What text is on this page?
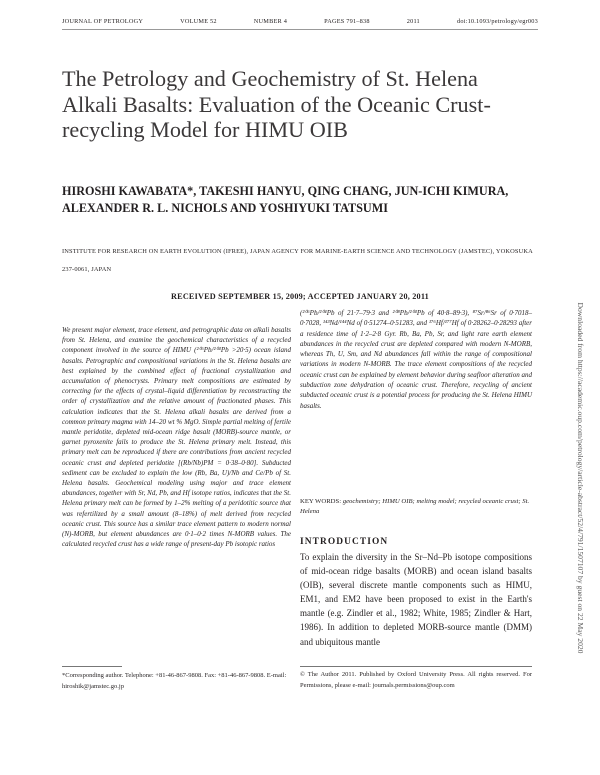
JOURNAL OF PETROLOGY	VOLUME 52	NUMBER 4	PAGES 791–838	2011	doi:10.1093/petrology/egr003
The Petrology and Geochemistry of St. Helena Alkali Basalts: Evaluation of the Oceanic Crust-recycling Model for HIMU OIB
HIROSHI KAWABATA*, TAKESHI HANYU, QING CHANG, JUN-ICHI KIMURA, ALEXANDER R. L. NICHOLS AND YOSHIYUKI TATSUMI
INSTITUTE FOR RESEARCH ON EARTH EVOLUTION (IFREE), JAPAN AGENCY FOR MARINE-EARTH SCIENCE AND TECHNOLOGY (JAMSTEC), YOKOSUKA 237-0061, JAPAN
RECEIVED SEPTEMBER 15, 2009; ACCEPTED JANUARY 20, 2011

We present major element, trace element, and petrographic data on alkali basalts from St. Helena, and examine the geochemical characteristics of a recycled component involved in the source of HIMU (²⁰⁶Pb/²⁰⁴Pb >20·5) ocean island basalts. Petrographic and compositional variations in the St. Helena basalts are best explained by the combined effect of fractional crystallization and accumulation of phenocrysts. Primary melt compositions are estimated by correcting for the effects of crystal–liquid differentiation by reconstructing the order of crystallization and the relative amount of fractionated phases. This calculation indicates that the St. Helena alkali basalts are derived from a common primary magma with 14–20 wt % MgO. Simple partial melting of fertile mantle peridotite, depleted mid-ocean ridge basalt (MORB)-source mantle, or garnet pyroxenite fails to produce the St. Helena primary melt. Instead, this primary melt can be reproduced if there are contributions from ancient recycled oceanic crust and depleted peridotite [(Rb/Nb)PM = 0·38–0·80]. Subducted sediment can be excluded to explain the low (Rb, Ba, U)/Nb and Ce/Pb of St. Helena basalts. Geochemical modeling using major and trace element abundances, together with Sr, Nd, Pb, and Hf isotope ratios, indicates that the St. Helena primary melt can be formed by 1–2% melting of a peridotitic source that was refertilized by a small amount (8–18%) of melt derived from recycled oceanic crust. This source has a similar trace element pattern to modern normal (N)-MORB, but element abundances are 0·1–0·2 times N-MORB values. The calculated recycled crust has a wide range of present-day Pb isotopic ratios

(²⁰⁶Pb/²⁰⁴Pb of 21·7–79·3 and ²⁰⁸Pb/²⁰⁴Pb of 40·8–89·3), ⁸⁷Sr/⁸⁶Sr of 0·7018–0·7028, ¹⁴³Nd/¹⁴⁴Nd of 0·51274–0·51283, and ¹⁷⁶Hf/¹⁷⁷Hf of 0·28262–0·28293 after a residence time of 1·2–2·8 Gyr. Rb, Ba, Pb, Sr, and light rare earth element abundances in the recycled crust are depleted compared with modern N-MORB, whereas Th, U, Sm, and Nd abundances fall within the range of compositional variations in modern N-MORB. The trace element compositions of the recycled oceanic crust can be explained by element behavior during seafloor alteration and subduction zone dehydration of oceanic crust. Therefore, recycling of ancient subducted oceanic crust is a potential process for producing the St. Helena HIMU basalts.

KEY WORDS: geochemistry; HIMU OIB; melting model; recycled oceanic crust; St. Helena
INTRODUCTION

To explain the diversity in the Sr–Nd–Pb isotope compositions of mid-ocean ridge basalts (MORB) and ocean island basalts (OIB), several discrete mantle components such as HIMU, EM1, and EM2 have been proposed to exist in the Earth's mantle (e.g. Zindler et al., 1982; White, 1985; Zindler & Hart, 1986). In addition to depleted MORB-source mantle (DMM) and ubiquitous mantle

*Corresponding author. Telephone: +81-46-867-9808. Fax: +81-46-867-9808. E-mail: hiroshik@jamstec.go.jp

© The Author 2011. Published by Oxford University Press. All rights reserved. For Permissions, please e-mail: journals.permissions@oup.com

Downloaded from https://academic.oup.com/petrology/article-abstract/52/4/791/1507107 by guest on 22 May 2020
